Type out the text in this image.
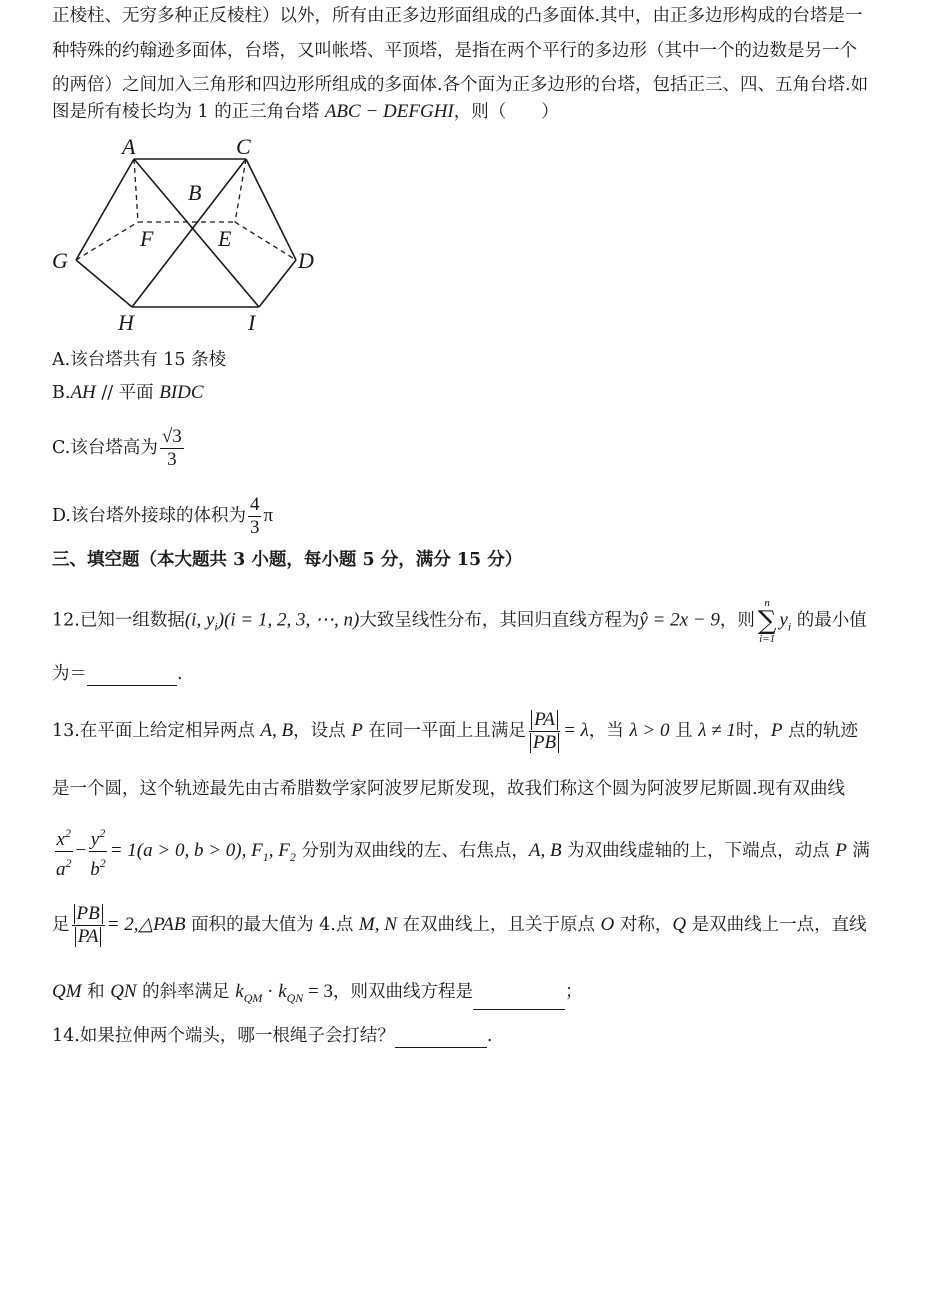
正棱柱、无穷多种正反棱柱）以外，所有由正多边形面组成的凸多面体.其中，由正多边形构成的台塔是一
种特殊的约翰逊多面体，台塔，又叫帐塔、平顶塔，是指在两个平行的多边形（其中一个的边数是另一个
的两倍）之间加入三角形和四边形所组成的多面体.各个面为正多边形的台塔，包括正三、四、五角台塔.如
图是所有棱长均为 1 的正三角台塔 ABC − DEFGHI，则（　　）
A	C
B
F	E
G	D
H	I
A.该台塔共有 15 条棱
B.AH // 平面 BIDC
C.该台塔高为 $\frac{√3}{3}$
D.该台塔外接球的体积为 $\frac{4}{3}$ π
三、填空题（本大题共 3 小题，每小题 5 分，满分 15 分）
12.已知一组数据(i, $y_i)(i = 1$, 2, 3, ⋯, n)大致呈线性分布，其回归直线方程为ŷ = 2x − 9，则
n
∑
i=1
$y_i$ 的最小值
为＝	.
13.在平面上给定相异两点 A, B，设点 P 在同一平面上且满足 $\frac{PA}{PB} = \lambda$，当 λ > 0 且 λ ≠ 1时，P 点的轨迹
是一个圆，这个轨迹最先由古希腊数学家阿波罗尼斯发现，故我们称这个圆为阿波罗尼斯圆.现有双曲线
$\frac{x^2}{a^2} - \frac{y^2}{b^2} = 1(a > 0$, b > 0), $F_1$, $F_2$ 分别为双曲线的左、右焦点，A, B 为双曲线虚轴的上，下端点，动点 P 满
足 $\frac{PB}{PA}$ = 2,△PAB 面积的最大值为 4.点 M, N 在双曲线上，且关于原点 O 对称，Q 是双曲线上一点，直线
QM 和 QN 的斜率满足 $k_{QM} \cdot k_{QN} = 3$，则双曲线方程是	；
14.如果拉伸两个端头，哪一根绳子会打结？	.
